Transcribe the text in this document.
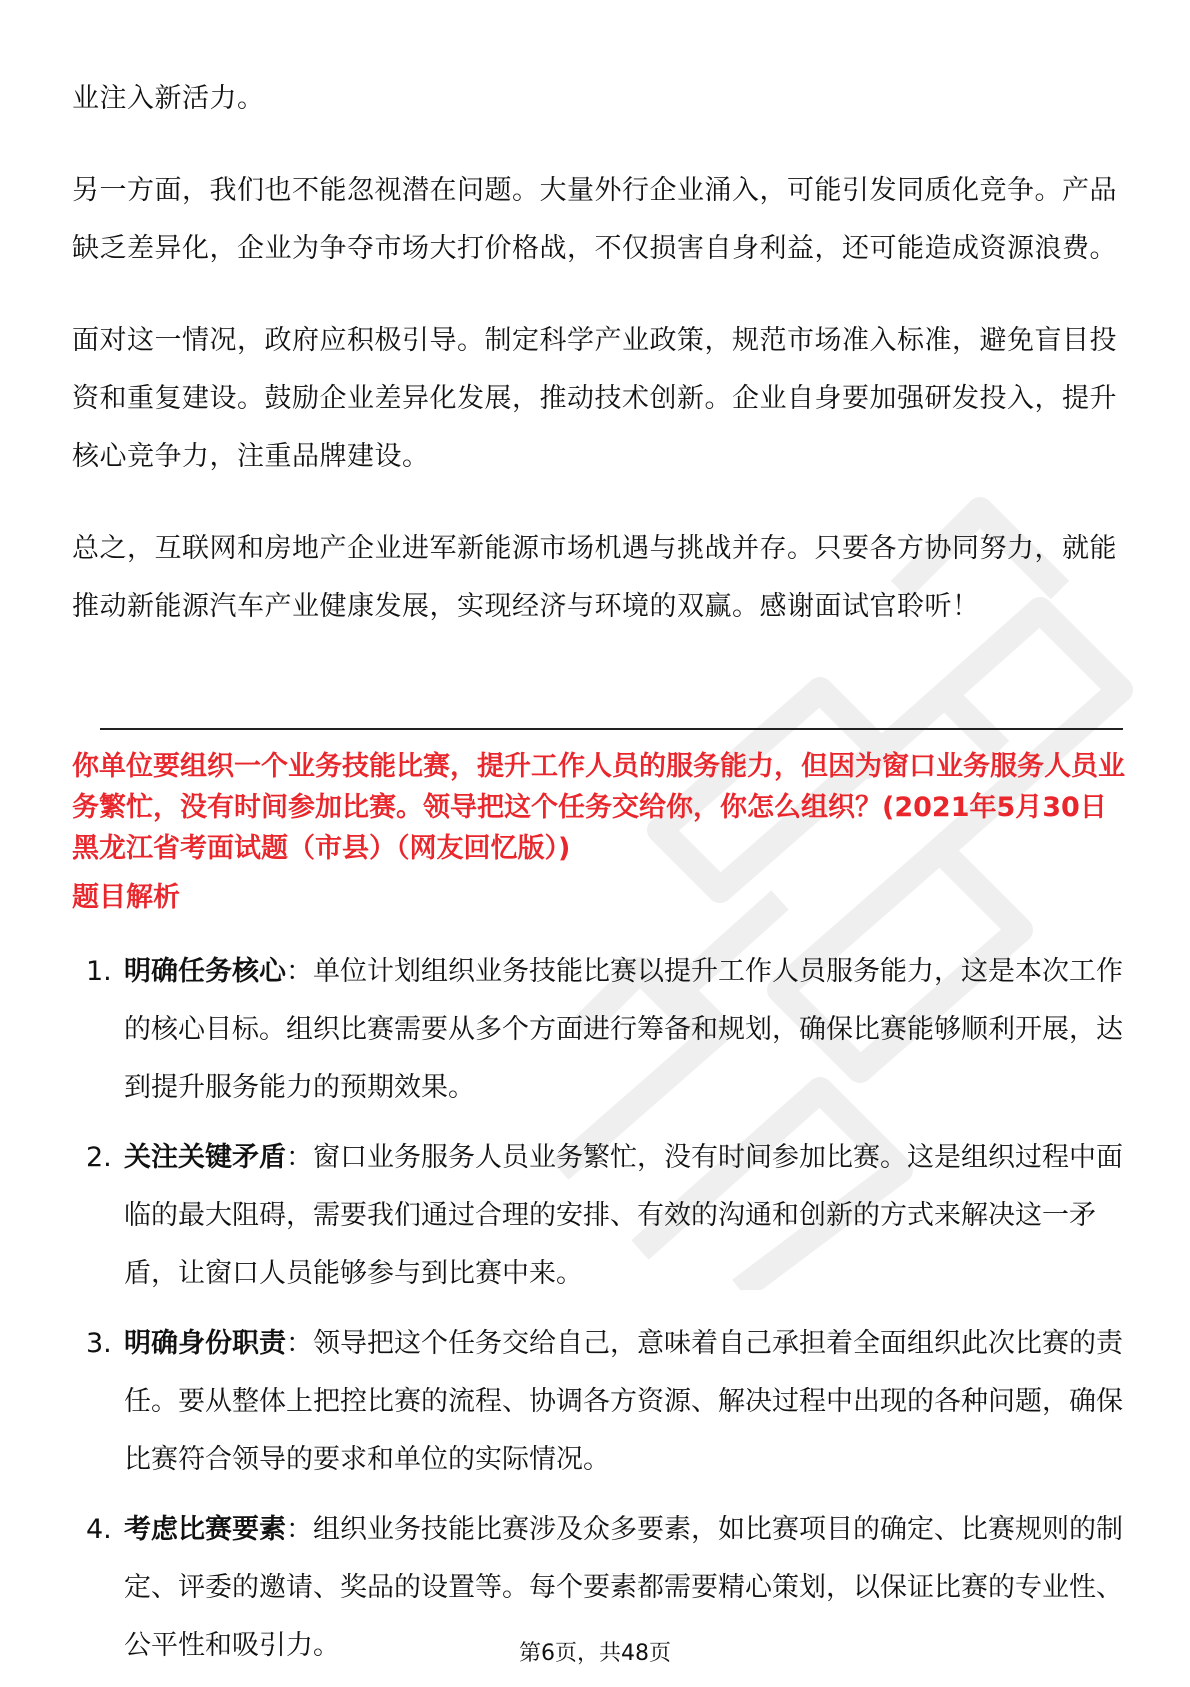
业注入新活力。

另一方面，我们也不能忽视潜在问题。大量外行企业涌入，可能引发同质化竞争。产品缺乏差异化，企业为争夺市场大打价格战，不仅损害自身利益，还可能造成资源浪费。

面对这一情况，政府应积极引导。制定科学产业政策，规范市场准入标准，避免盲目投资和重复建设。鼓励企业差异化发展，推动技术创新。企业自身要加强研发投入，提升核心竞争力，注重品牌建设。

总之，互联网和房地产企业进军新能源市场机遇与挑战并存。只要各方协同努力，就能推动新能源汽车产业健康发展，实现经济与环境的双赢。感谢面试官聆听！

你单位要组织一个业务技能比赛，提升工作人员的服务能力，但因为窗口业务服务人员业务繁忙，没有时间参加比赛。领导把这个任务交给你，你怎么组织？(2021年5月30日黑龙江省考面试题（市县）（网友回忆版）)

题目解析

1. 明确任务核心：单位计划组织业务技能比赛以提升工作人员服务能力，这是本次工作的核心目标。组织比赛需要从多个方面进行筹备和规划，确保比赛能够顺利开展，达到提升服务能力的预期效果。
2. 关注关键矛盾：窗口业务服务人员业务繁忙，没有时间参加比赛。这是组织过程中面临的最大阻碍，需要我们通过合理的安排、有效的沟通和创新的方式来解决这一矛盾，让窗口人员能够参与到比赛中来。
3. 明确身份职责：领导把这个任务交给自己，意味着自己承担着全面组织此次比赛的责任。要从整体上把控比赛的流程、协调各方资源、解决过程中出现的各种问题，确保比赛符合领导的要求和单位的实际情况。
4. 考虑比赛要素：组织业务技能比赛涉及众多要素，如比赛项目的确定、比赛规则的制定、评委的邀请、奖品的设置等。每个要素都需要精心策划，以保证比赛的专业性、公平性和吸引力。	第6页，共48页
